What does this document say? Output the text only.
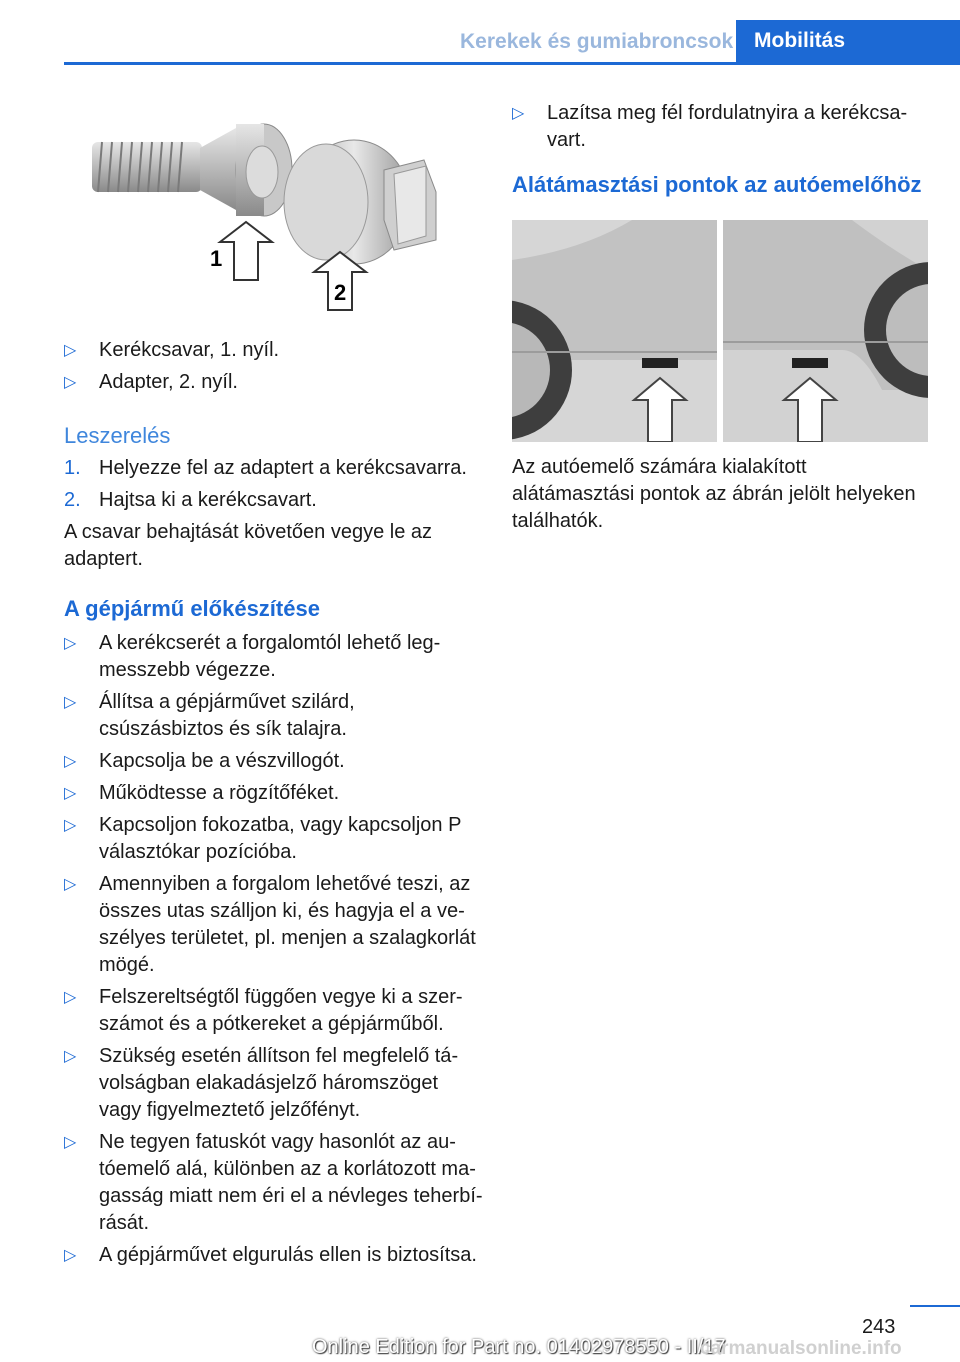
Kerekek és gumiabroncsok Mobilitás
1
2
▷ Kerékcsavar, 1. nyíl.
▷ Adapter, 2. nyíl.
Leszerelés
1. Helyezze fel az adaptert a kerékcsavarra.
2. Hajtsa ki a kerékcsavart.

A csavar behajtását követően vegye le az adaptert.

A gépjármű előkészítése
▷ A kerékcserét a forgalomtól lehető legmesszebb végezze.
▷ Állítsa a gépjárművet szilárd, csúszásbiztos és sík talajra.
▷ Kapcsolja be a vészvillogót.
▷ Működtesse a rögzítőféket.
▷ Kapcsoljon fokozatba, vagy kapcsoljon P választókar pozícióba.
▷ Amennyiben a forgalom lehetővé teszi, az összes utas szálljon ki, és hagyja el a veszélyes területet, pl. menjen a szalagkorlát mögé.
▷ Felszereltségtől függően vegye ki a szerszámot és a pótkereket a gépjárműből.
▷ Szükség esetén állítson fel megfelelő távolságban elakadásjelző háromszöget vagy figyelmeztető jelzőfényt.
▷ Ne tegyen fatuskót vagy hasonlót az autóemelő alá, különben az a korlátozott magasság miatt nem éri el a névleges teherbírását.
▷ A gépjárművet elgurulás ellen is biztosítsa.
▷ Lazítsa meg fél fordulatnyira a kerékcsavart.
Alátámasztási pontok az autóemelőhöz

Az autóemelő számára kialakított alátámasztási pontok az ábrán jelölt helyeken találhatók.

243
Online Edition for Part no. 01402978550 - II/17
carmanualsonline.info
